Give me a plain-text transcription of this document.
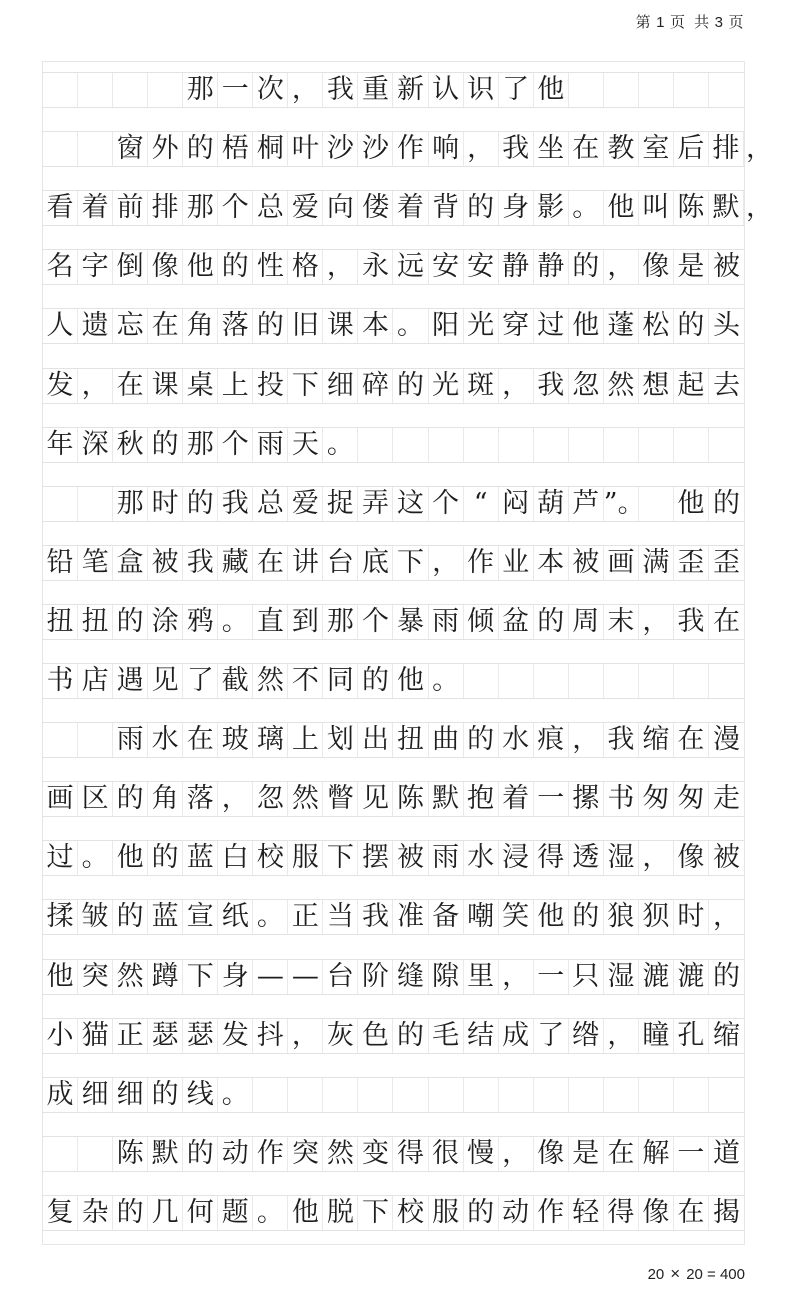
第 1 页 共 3 页
那 一 次 ， 我 重 新 认 识 了 他
窗 外 的 梧 桐 叶 沙 沙 作 响 ， 我 坐 在 教 室 后 排 ，
看 着 前 排 那 个 总 爱 向 偻 着 背 的 身 影 。 他 叫 陈 默 ，
名 字 倒 像 他 的 性 格 ， 永 远 安 安 静 静 的 ， 像 是 被
人 遗 忘 在 角 落 的 旧 课 本 。 阳 光 穿 过 他 蓬 松 的 头
发 ， 在 课 桌 上 投 下 细 碎 的 光 斑 ， 我 忽 然 想 起 去
年 深 秋 的 那 个 雨 天 。
那 时 的 我 总 爱 捉 弄 这 个 “ 闷 葫 芦 ”。 他 的
铅 笔 盒 被 我 藏 在 讲 台 底 下 ， 作 业 本 被 画 满 歪 歪
扭 扭 的 涂 鸦 。 直 到 那 个 暴 雨 倾 盆 的 周 末 ， 我 在
书 店 遇 见 了 截 然 不 同 的 他 。
雨 水 在 玻 璃 上 划 出 扭 曲 的 水 痕 ， 我 缩 在 漫
画 区 的 角 落 ， 忽 然 瞥 见 陈 默 抱 着 一 摞 书 匆 匆 走
过 。 他 的 蓝 白 校 服 下 摆 被 雨 水 浸 得 透 湿 ， 像 被
揉 皱 的 蓝 宣 纸 。 正 当 我 准 备 嘲 笑 他 的 狼 狈 时 ，
他 突 然 蹲 下 身 — — 台 阶 缝 隙 里 ， 一 只 湿 漉 漉 的
小 猫 正 瑟 瑟 发 抖 ， 灰 色 的 毛 结 成 了 绺 ， 瞳 孔 缩
成 细 细 的 线 。
陈 默 的 动 作 突 然 变 得 很 慢 ， 像 是 在 解 一 道
复 杂 的 几 何 题 。 他 脱 下 校 服 的 动 作 轻 得 像 在 揭
20 × 20 = 400
